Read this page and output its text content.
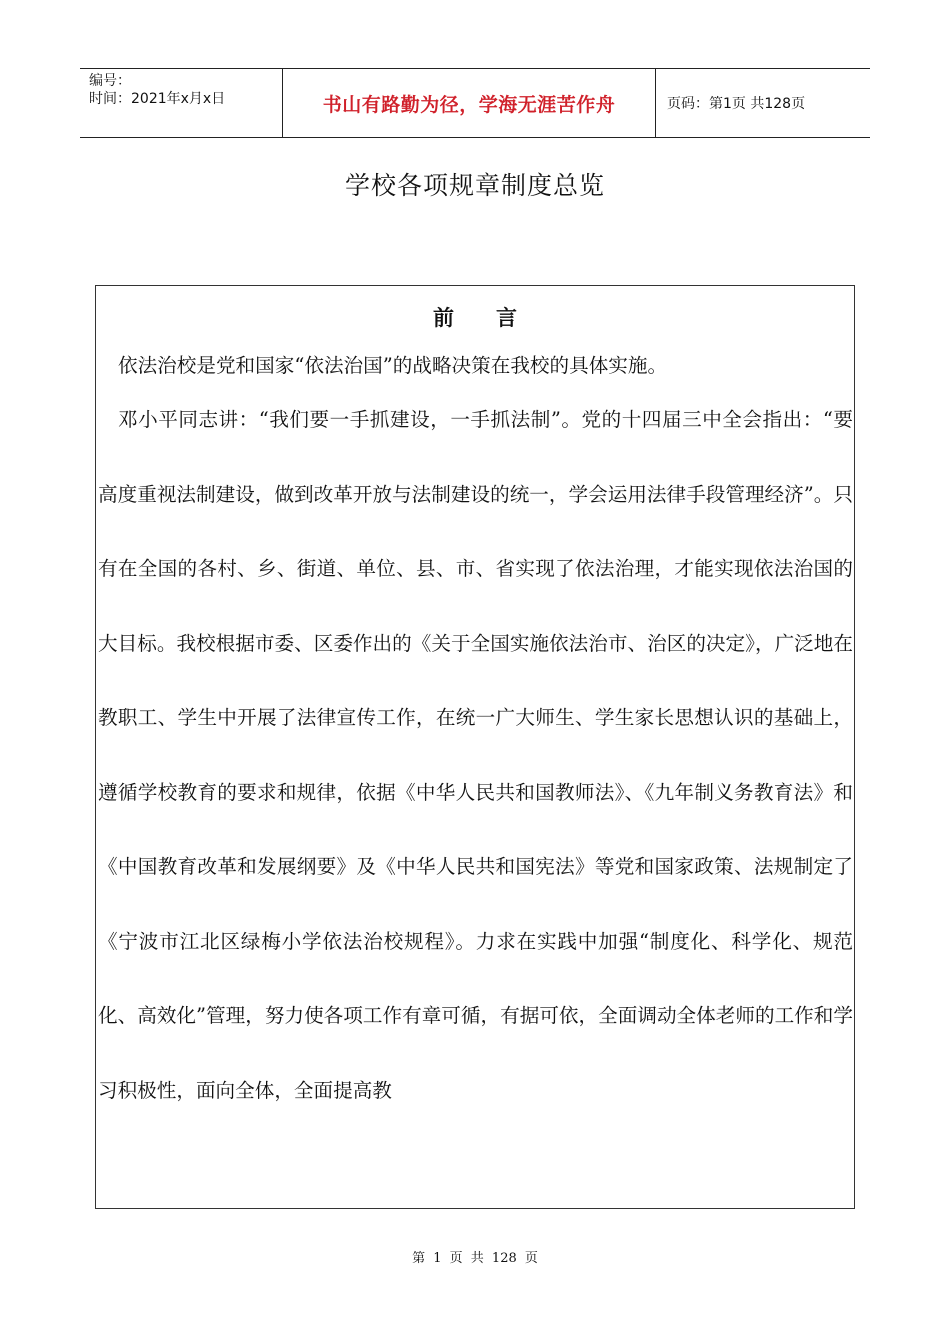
编号：
时间：2021年x月x日	书山有路勤为径，学海无涯苦作舟	页码：第1页 共128页
学校各项规章制度总览
前言

依法治校是党和国家“依法治国”的战略决策在我校的具体实施。

邓小平同志讲：“我们要一手抓建设，一手抓法制”。党的十四届三中全会指出：“要高度重视法制建设，做到改革开放与法制建设的统一，学会运用法律手段管理经济”。只有在全国的各村、乡、街道、单位、县、市、省实现了依法治理，才能实现依法治国的大目标。我校根据市委、区委作出的《关于全国实施依法治市、治区的决定》，广泛地在教职工、学生中开展了法律宣传工作，在统一广大师生、学生家长思想认识的基础上，遵循学校教育的要求和规律，依据《中华人民共和国教师法》、《九年制义务教育法》和《中国教育改革和发展纲要》及《中华人民共和国宪法》等党和国家政策、法规制定了《宁波市江北区绿梅小学依法治校规程》。力求在实践中加强“制度化、科学化、规范化、高效化”管理，努力使各项工作有章可循，有据可依，全面调动全体老师的工作和学习积极性，面向全体，全面提高教

第 1 页 共 128 页
